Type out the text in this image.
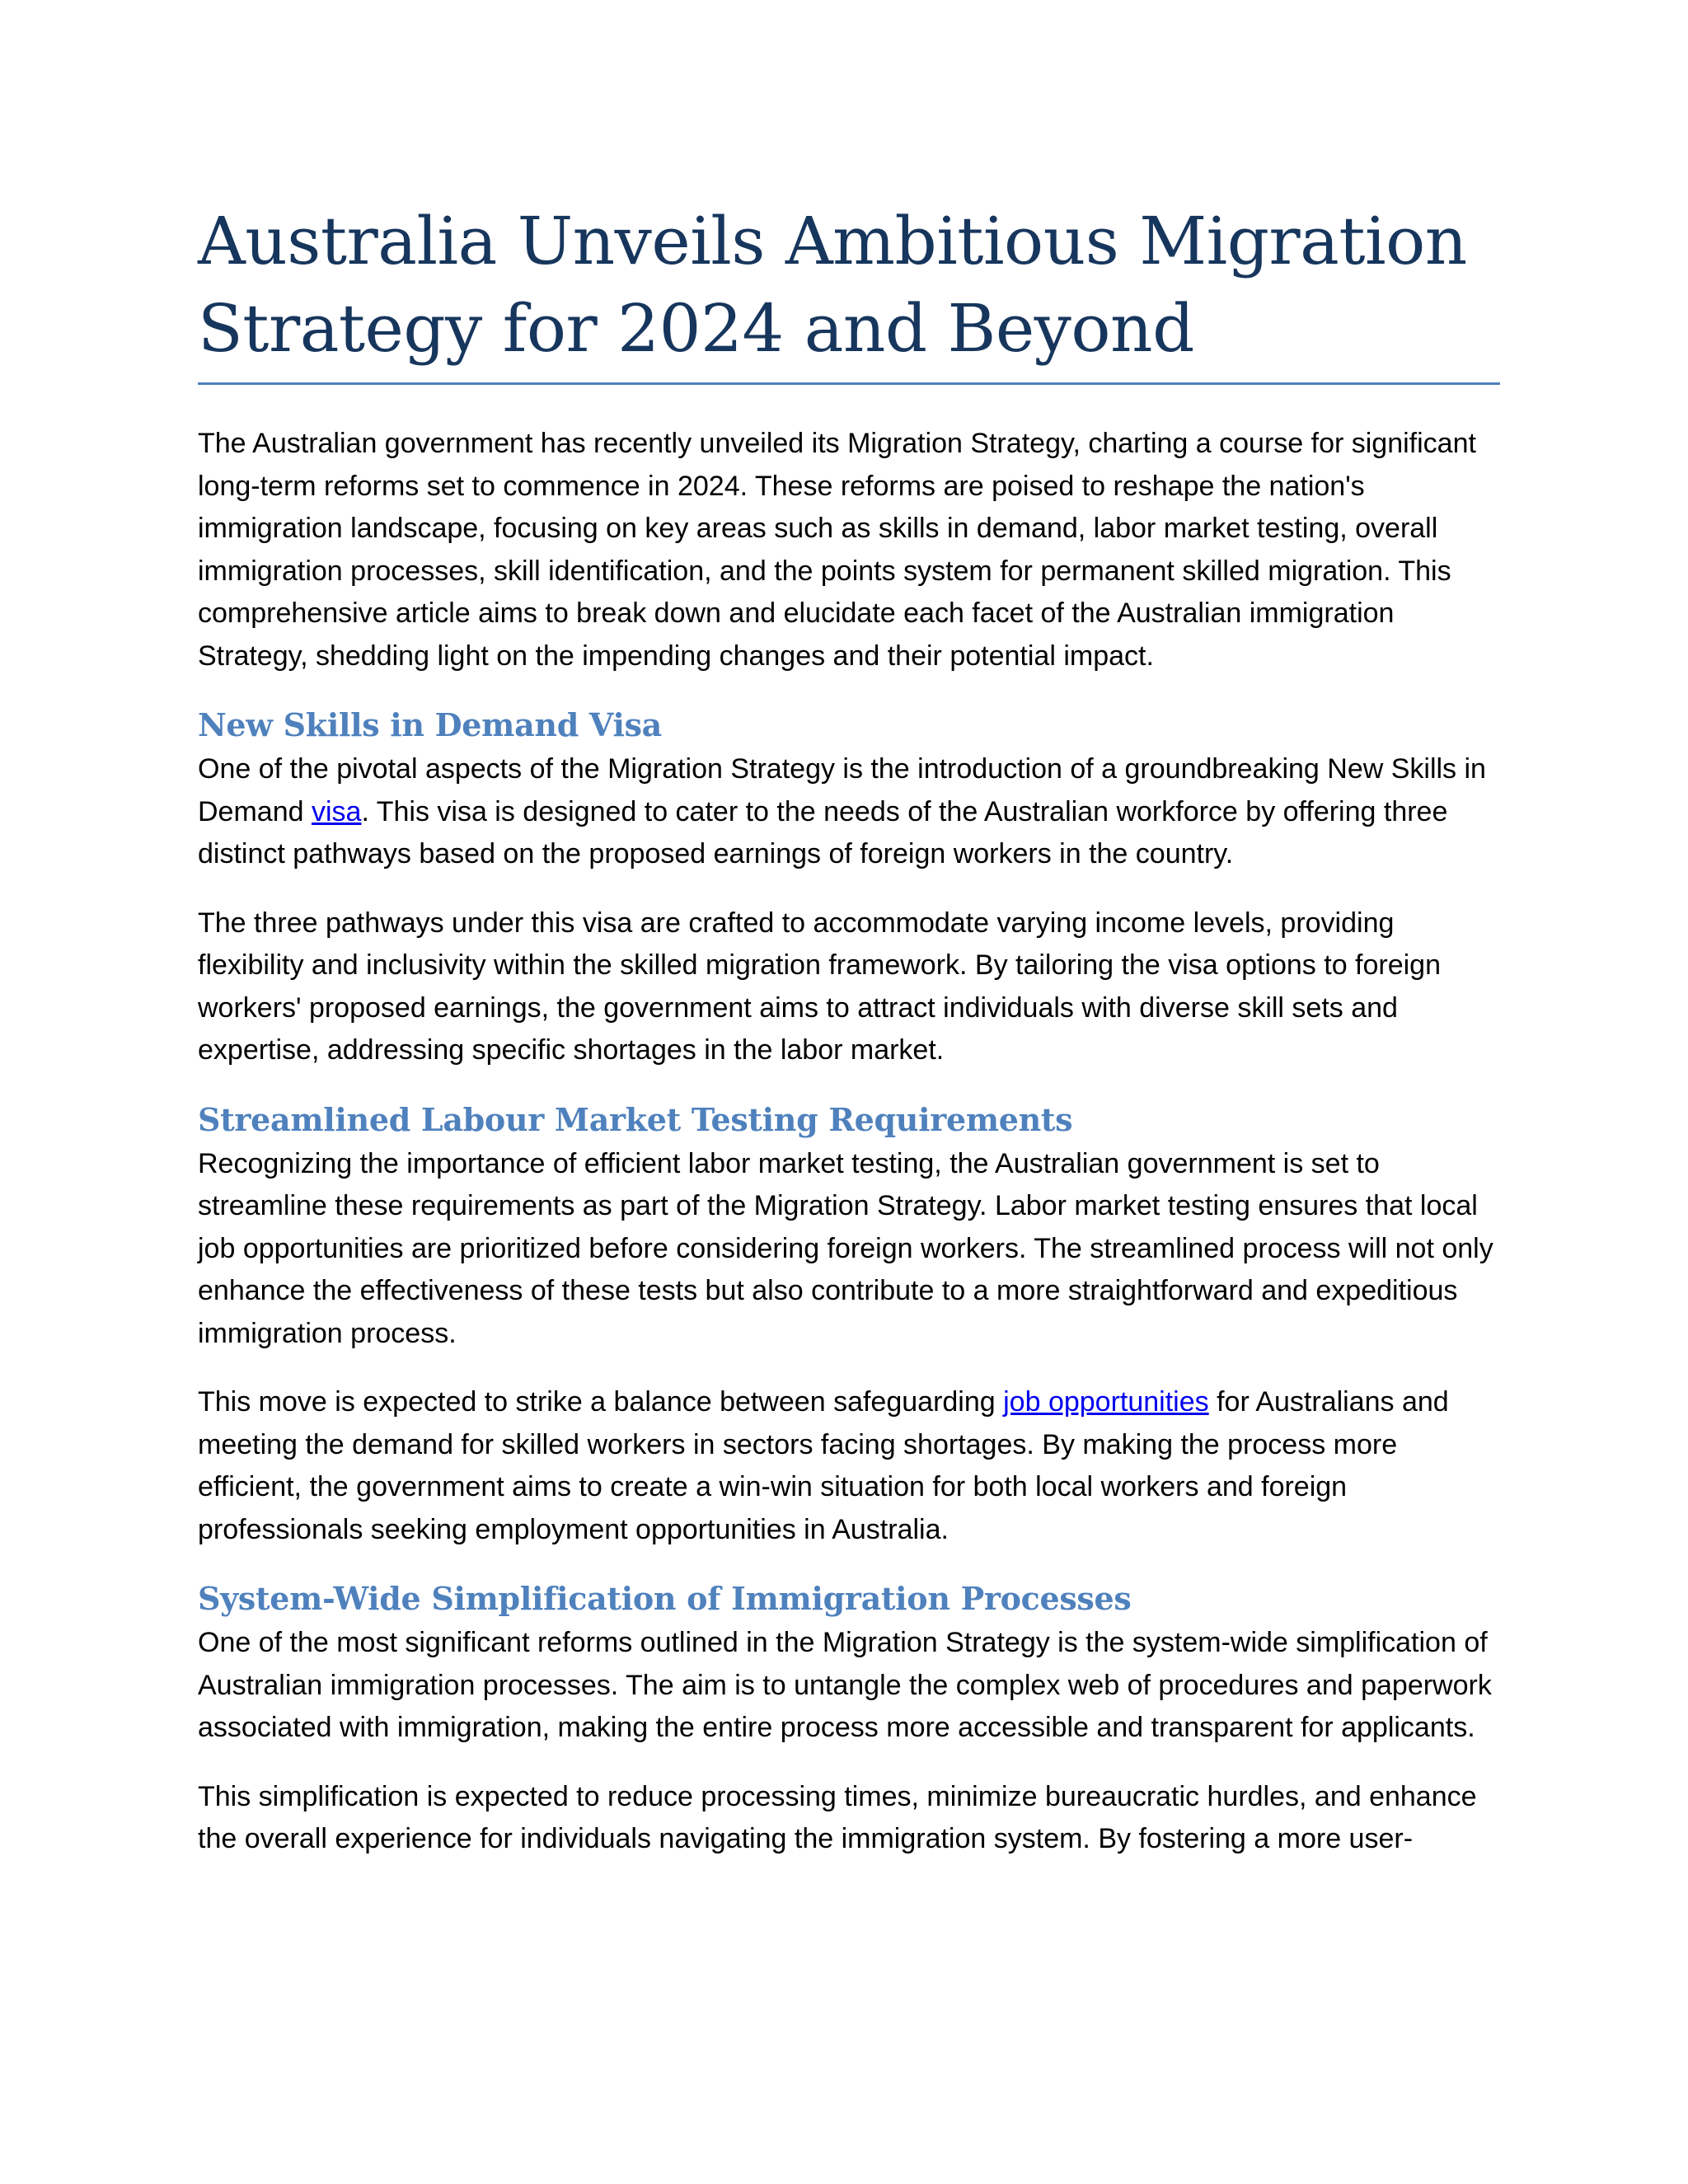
Australia Unveils Ambitious Migration Strategy for 2024 and Beyond

The Australian government has recently unveiled its Migration Strategy, charting a course for significant long-term reforms set to commence in 2024. These reforms are poised to reshape the nation's immigration landscape, focusing on key areas such as skills in demand, labor market testing, overall immigration processes, skill identification, and the points system for permanent skilled migration. This comprehensive article aims to break down and elucidate each facet of the Australian immigration Strategy, shedding light on the impending changes and their potential impact.

New Skills in Demand Visa

One of the pivotal aspects of the Migration Strategy is the introduction of a groundbreaking New Skills in Demand visa. This visa is designed to cater to the needs of the Australian workforce by offering three distinct pathways based on the proposed earnings of foreign workers in the country.

The three pathways under this visa are crafted to accommodate varying income levels, providing flexibility and inclusivity within the skilled migration framework. By tailoring the visa options to foreign workers' proposed earnings, the government aims to attract individuals with diverse skill sets and expertise, addressing specific shortages in the labor market.

Streamlined Labour Market Testing Requirements

Recognizing the importance of efficient labor market testing, the Australian government is set to streamline these requirements as part of the Migration Strategy. Labor market testing ensures that local job opportunities are prioritized before considering foreign workers. The streamlined process will not only enhance the effectiveness of these tests but also contribute to a more straightforward and expeditious immigration process.

This move is expected to strike a balance between safeguarding job opportunities for Australians and meeting the demand for skilled workers in sectors facing shortages. By making the process more efficient, the government aims to create a win-win situation for both local workers and foreign professionals seeking employment opportunities in Australia.

System-Wide Simplification of Immigration Processes

One of the most significant reforms outlined in the Migration Strategy is the system-wide simplification of Australian immigration processes. The aim is to untangle the complex web of procedures and paperwork associated with immigration, making the entire process more accessible and transparent for applicants.

This simplification is expected to reduce processing times, minimize bureaucratic hurdles, and enhance the overall experience for individuals navigating the immigration system. By fostering a more user-
